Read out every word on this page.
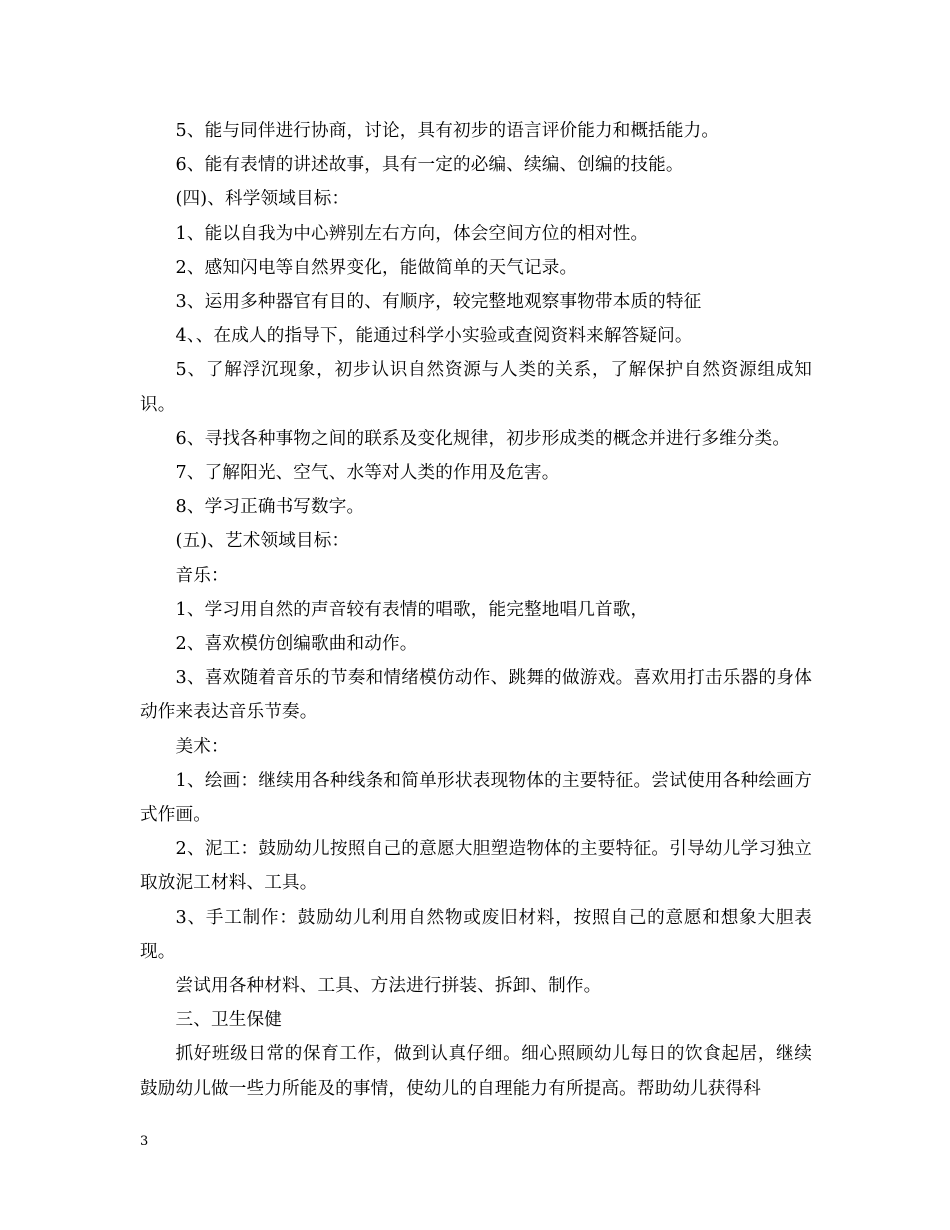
5、能与同伴进行协商，讨论，具有初步的语言评价能力和概括能力。

6、能有表情的讲述故事，具有一定的必编、续编、创编的技能。

(四)、科学领域目标：

1、能以自我为中心辨别左右方向，体会空间方位的相对性。

2、感知闪电等自然界变化，能做简单的天气记录。

3、运用多种器官有目的、有顺序，较完整地观察事物带本质的特征

4、、在成人的指导下，能通过科学小实验或查阅资料来解答疑问。

5、了解浮沉现象，初步认识自然资源与人类的关系，了解保护自然资源组成知识。

6、寻找各种事物之间的联系及变化规律，初步形成类的概念并进行多维分类。

7、了解阳光、空气、水等对人类的作用及危害。

8、学习正确书写数字。

(五)、艺术领域目标：

音乐：

1、学习用自然的声音较有表情的唱歌，能完整地唱几首歌，

2、喜欢模仿创编歌曲和动作。

3、喜欢随着音乐的节奏和情绪模仿动作、跳舞的做游戏。喜欢用打击乐器的身体动作来表达音乐节奏。

美术：

1、绘画：继续用各种线条和简单形状表现物体的主要特征。尝试使用各种绘画方式作画。

2、泥工：鼓励幼儿按照自己的意愿大胆塑造物体的主要特征。引导幼儿学习独立取放泥工材料、工具。

3、手工制作：鼓励幼儿利用自然物或废旧材料，按照自己的意愿和想象大胆表现。

尝试用各种材料、工具、方法进行拼装、拆卸、制作。

三、卫生保健

抓好班级日常的保育工作，做到认真仔细。细心照顾幼儿每日的饮食起居，继续鼓励幼儿做一些力所能及的事情，使幼儿的自理能力有所提高。帮助幼儿获得科

3
